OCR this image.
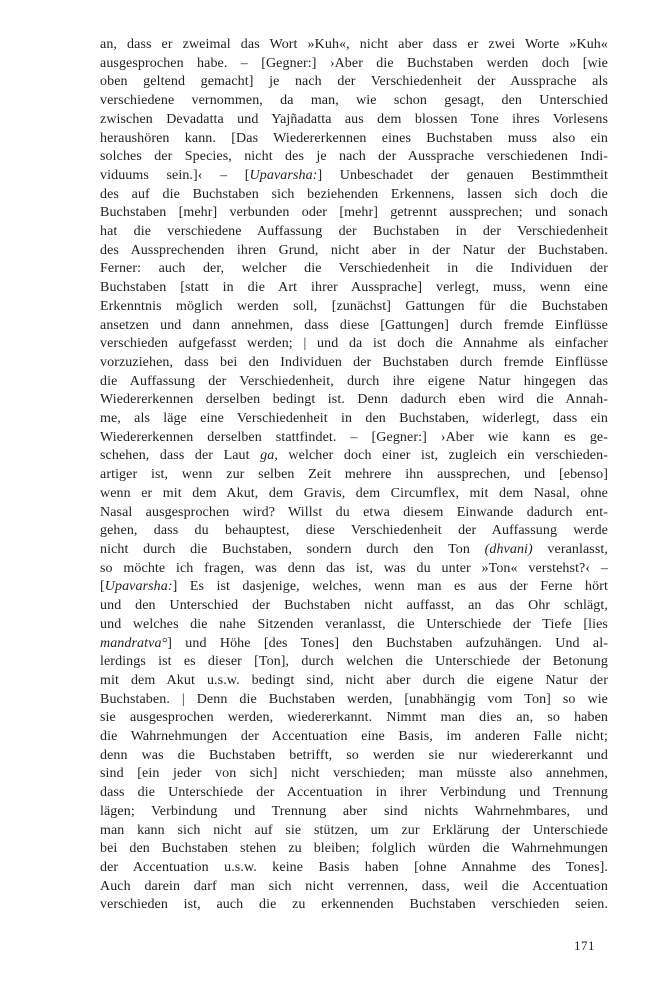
an, dass er zweimal das Wort »Kuh«, nicht aber dass er zwei Worte »Kuh«
ausgesprochen habe. – [Gegner:] ›Aber die Buchstaben werden doch [wie
oben geltend gemacht] je nach der Verschiedenheit der Aussprache als
verschiedene vernommen, da man, wie schon gesagt, den Unterschied
zwischen Devadatta und Yajñadatta aus dem blossen Tone ihres Vorlesens
heraushören kann. [Das Wiedererkennen eines Buchstaben muss also ein
solches der Species, nicht des je nach der Aussprache verschiedenen Indi-
viduums sein.]‹ – [Upavarsha:] Unbeschadet der genauen Bestimmtheit
des auf die Buchstaben sich beziehenden Erkennens, lassen sich doch die
Buchstaben [mehr] verbunden oder [mehr] getrennt aussprechen; und sonach
hat die verschiedene Auffassung der Buchstaben in der Verschiedenheit
des Aussprechenden ihren Grund, nicht aber in der Natur der Buchstaben.
Ferner: auch der, welcher die Verschiedenheit in die Individuen der
Buchstaben [statt in die Art ihrer Aussprache] verlegt, muss, wenn eine
Erkenntnis möglich werden soll, [zunächst] Gattungen für die Buchstaben
ansetzen und dann annehmen, dass diese [Gattungen] durch fremde Einflüsse
verschieden aufgefasst werden; | und da ist doch die Annahme als einfacher
vorzuziehen, dass bei den Individuen der Buchstaben durch fremde Einflüsse
die Auffassung der Verschiedenheit, durch ihre eigene Natur hingegen das
Wiedererkennen derselben bedingt ist. Denn dadurch eben wird die Annah-
me, als läge eine Verschiedenheit in den Buchstaben, widerlegt, dass ein
Wiedererkennen derselben stattfindet. – [Gegner:] ›Aber wie kann es ge-
schehen, dass der Laut ga, welcher doch einer ist, zugleich ein verschieden-
artiger ist, wenn zur selben Zeit mehrere ihn aussprechen, und [ebenso]
wenn er mit dem Akut, dem Gravis, dem Circumflex, mit dem Nasal, ohne
Nasal ausgesprochen wird? Willst du etwa diesem Einwande dadurch ent-
gehen, dass du behauptest, diese Verschiedenheit der Auffassung werde
nicht durch die Buchstaben, sondern durch den Ton (dhvani) veranlasst,
so möchte ich fragen, was denn das ist, was du unter »Ton« verstehst?‹ –
[Upavarsha:] Es ist dasjenige, welches, wenn man es aus der Ferne hört
und den Unterschied der Buchstaben nicht auffasst, an das Ohr schlägt,
und welches die nahe Sitzenden veranlasst, die Unterschiede der Tiefe [lies
mandratva°] und Höhe [des Tones] den Buchstaben aufzuhängen. Und al-
lerdings ist es dieser [Ton], durch welchen die Unterschiede der Betonung
mit dem Akut u.s.w. bedingt sind, nicht aber durch die eigene Natur der
Buchstaben. | Denn die Buchstaben werden, [unabhängig vom Ton] so wie
sie ausgesprochen werden, wiedererkannt. Nimmt man dies an, so haben
die Wahrnehmungen der Accentuation eine Basis, im anderen Falle nicht;
denn was die Buchstaben betrifft, so werden sie nur wiedererkannt und
sind [ein jeder von sich] nicht verschieden; man müsste also annehmen,
dass die Unterschiede der Accentuation in ihrer Verbindung und Trennung
lägen; Verbindung und Trennung aber sind nichts Wahrnehmbares, und
man kann sich nicht auf sie stützen, um zur Erklärung der Unterschiede
bei den Buchstaben stehen zu bleiben; folglich würden die Wahrnehmungen
der Accentuation u.s.w. keine Basis haben [ohne Annahme des Tones].
Auch darein darf man sich nicht verrennen, dass, weil die Accentuation
verschieden ist, auch die zu erkennenden Buchstaben verschieden seien.
171
